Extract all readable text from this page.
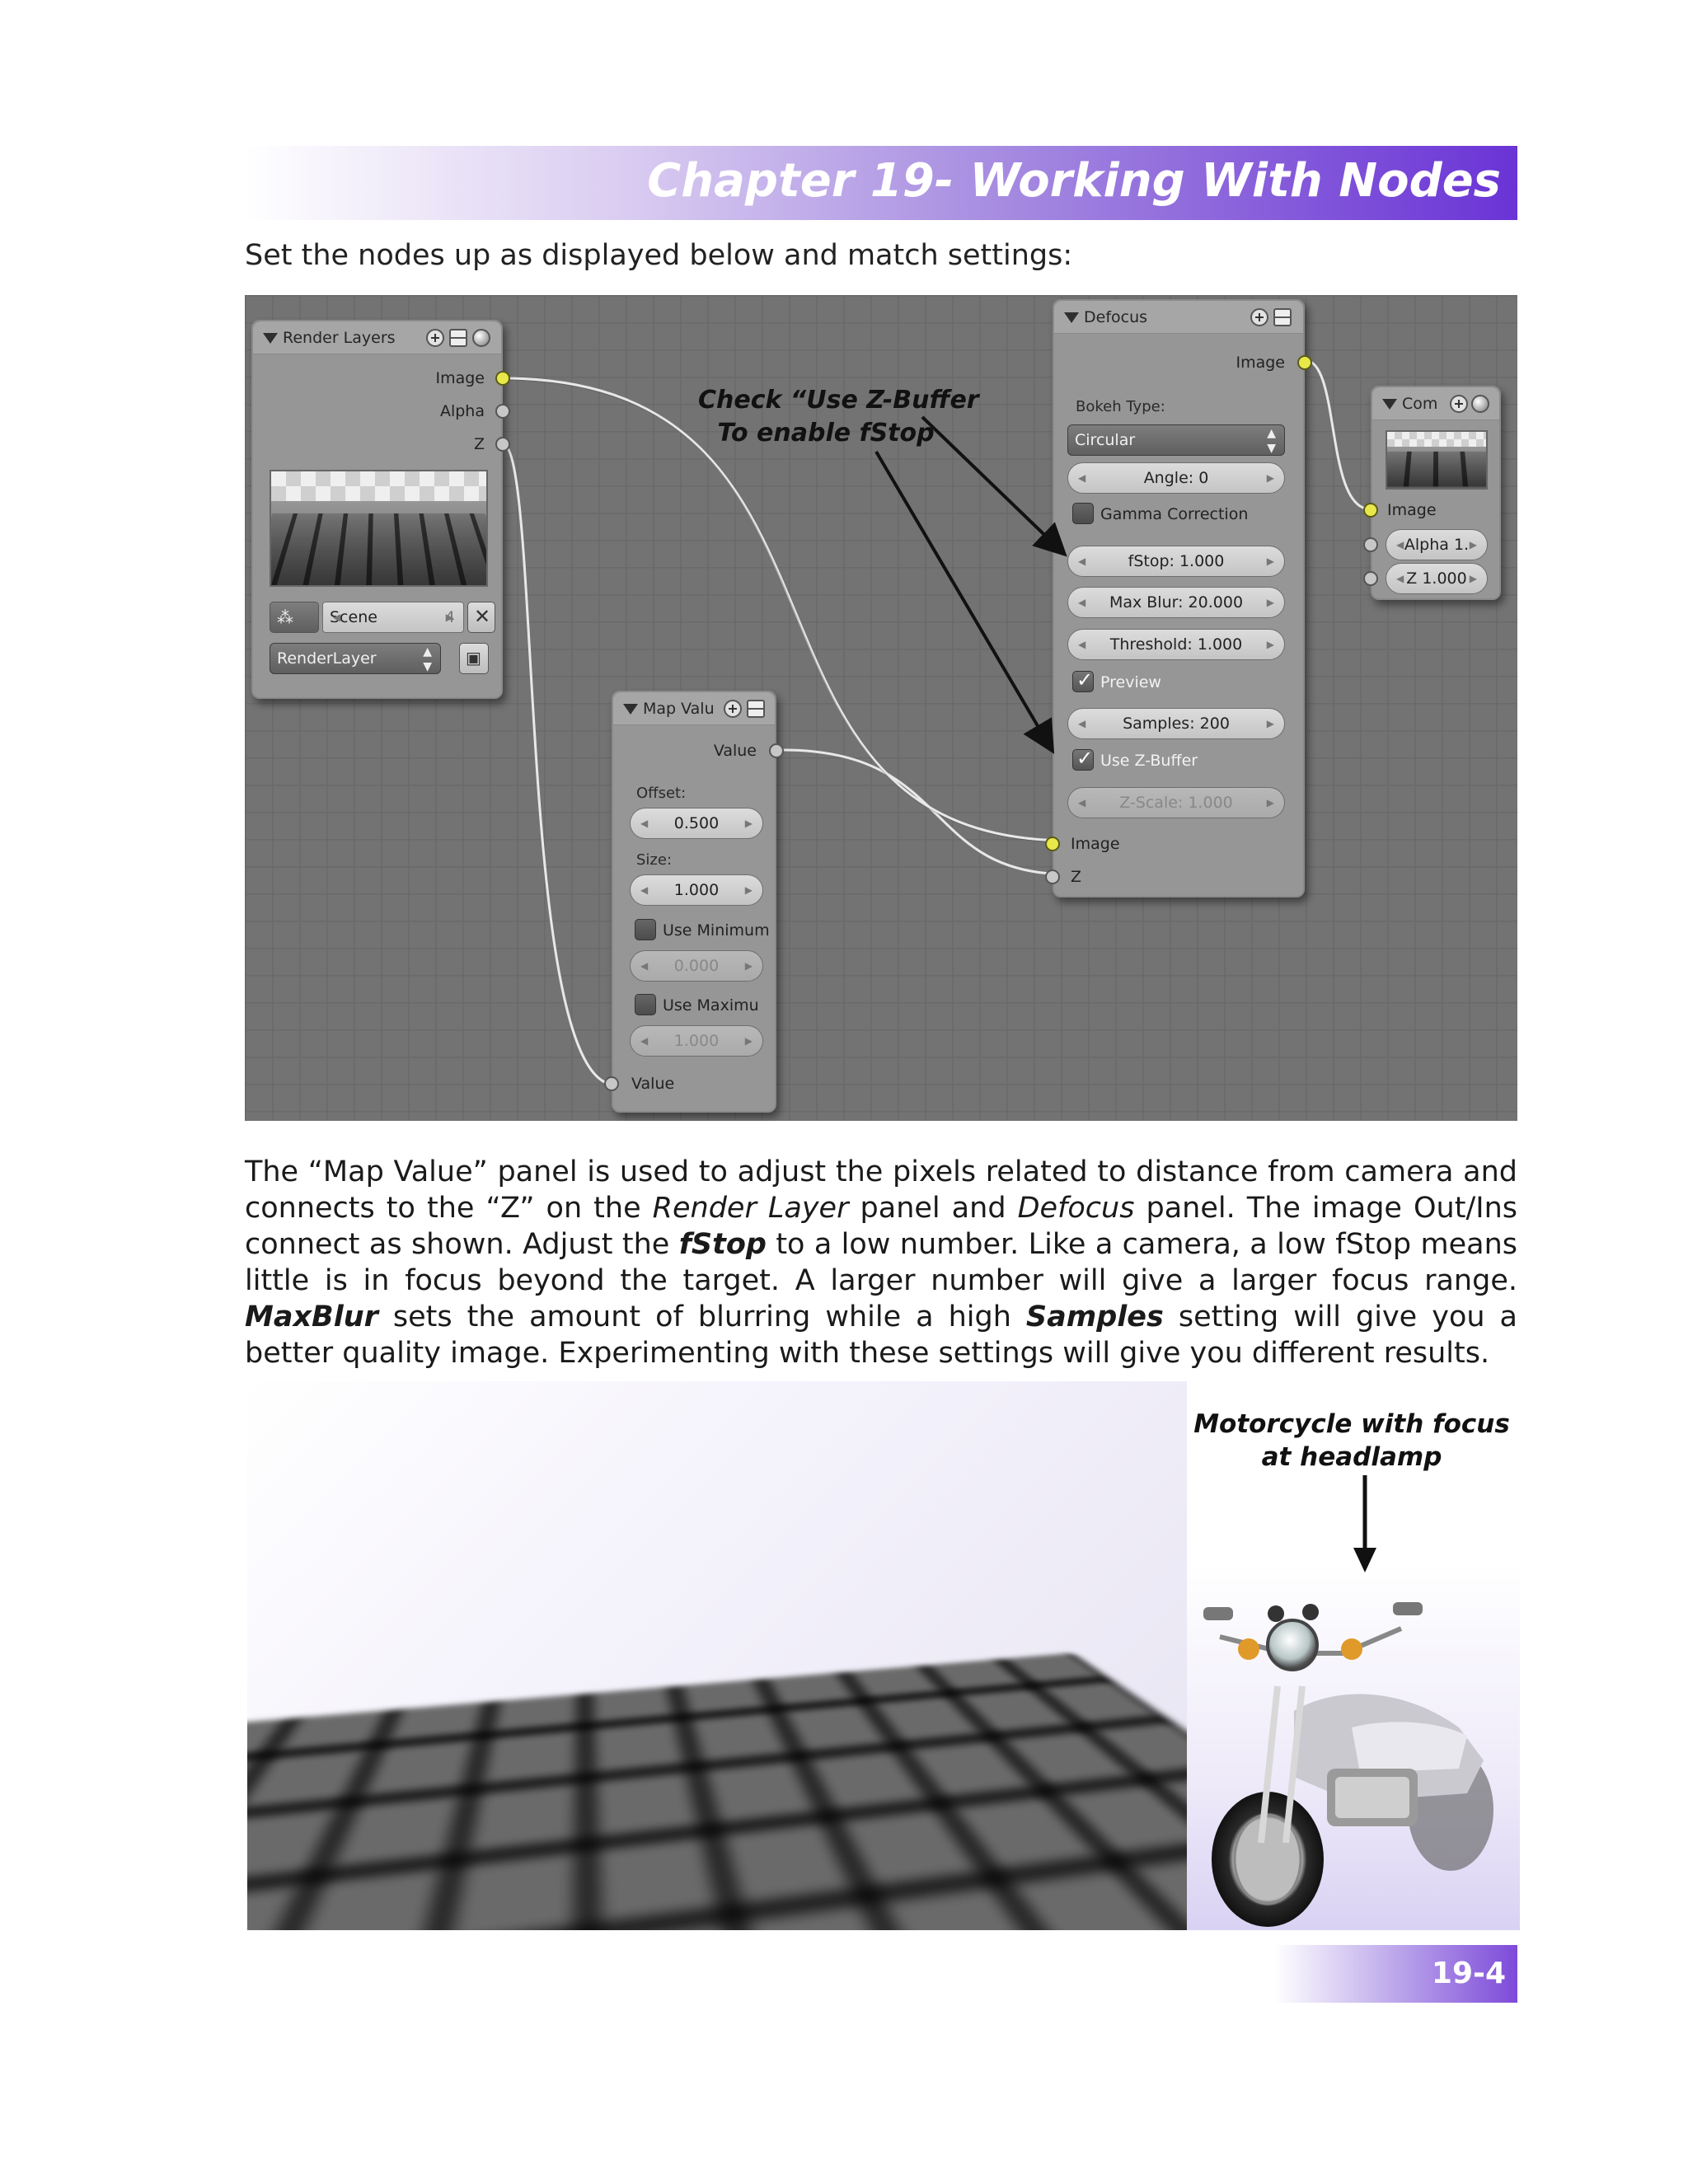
Chapter 19- Working With Nodes
Set the nodes up as displayed below and match settings:
Render Layers
Image
Alpha
Z
⁂
◀	Scene	4
▶ ✕
RenderLayer	▲
▼ ▣
Map Valu
Value
Offset:
◀ 0.500 ▶
Size:
◀ 1.000 ▶
Use Minimum
◀ 0.000 ▶
Use Maximu
◀ 1.000 ▶
Value
Defocus
Image
Bokeh Type:
Circular	▲
▼
◀ Angle: 0 ▶
Gamma Correction
◀ fStop: 1.000 ▶
◀ Max Blur: 20.000 ▶
◀ Threshold: 1.000 ▶
✓Preview
◀ Samples: 200 ▶
✓Use Z-Buffer
◀ Z-Scale: 1.000 ▶
Image
Z
Com
Image
◀ Alpha 1. ▶
◀ Z 1.000 ▶
Check “Use Z-Buffer
To enable fStop

The “Map Value” panel is used to adjust the pixels related to distance from camera and connects to the “Z” on the Render Layer panel and Defocus panel. The image Out/Ins connect as shown. Adjust the fStop to a low number. Like a camera, a low fStop means little is in focus beyond the target. A larger number will give a larger focus range. MaxBlur sets the amount of blurring while a high Samples setting will give you a better quality image. Experimenting with these settings will give you different results.

Motorcycle with focus
at headlamp
19-4
